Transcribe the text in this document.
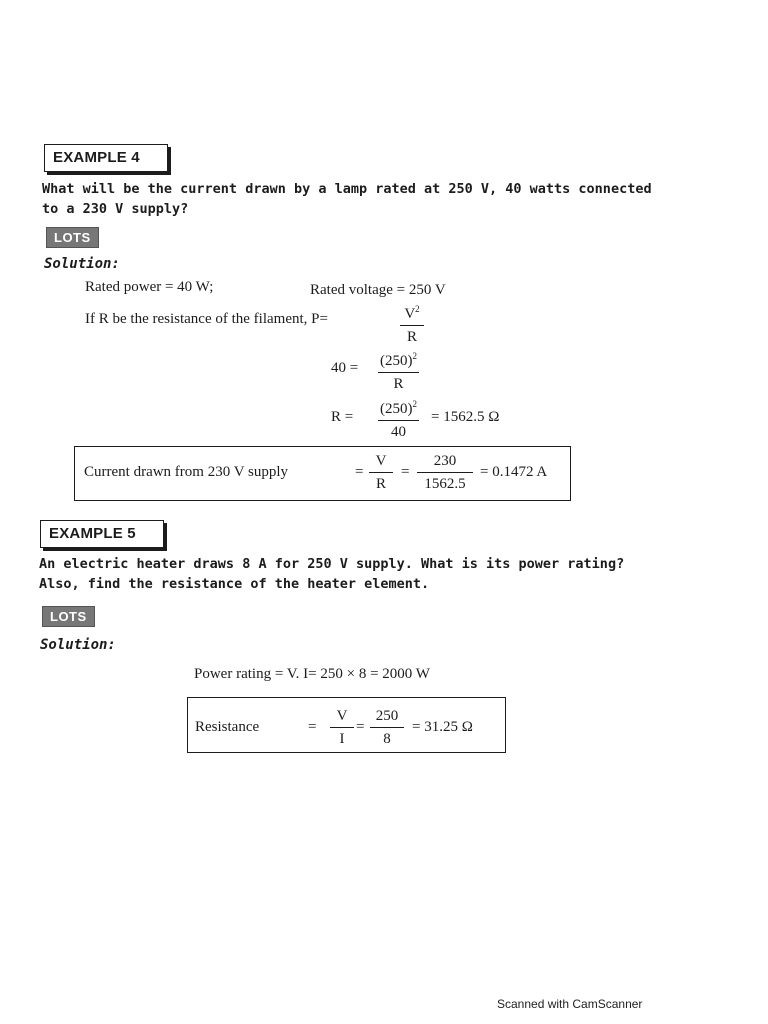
EXAMPLE 4
What will be the current drawn by a lamp rated at 250 V, 40 watts connected
to a 230 V supply?
LOTS
Solution:
Rated power = 40 W;	Rated voltage = 250 V
If R be the resistance of the filament, P=	$\frac{V^2}{R}$
$40 = \frac{(250)^2}{R}$
$R = \frac{(250)^2}{40} = 1562.5$ Ω
Current drawn from 230 V supply	= $\frac{V}{R} = \frac{230}{1562.5} = 0.1472$ A
EXAMPLE 5
An electric heater draws 8 A for 250 V supply. What is its power rating?
Also, find the resistance of the heater element.
LOTS
Solution:
Power rating = V. I= 250 × 8 = 2000 W
Resistance	= $\frac{V}{I} = \frac{250}{8} = 31.25$ Ω
Scanned with CamScanner
